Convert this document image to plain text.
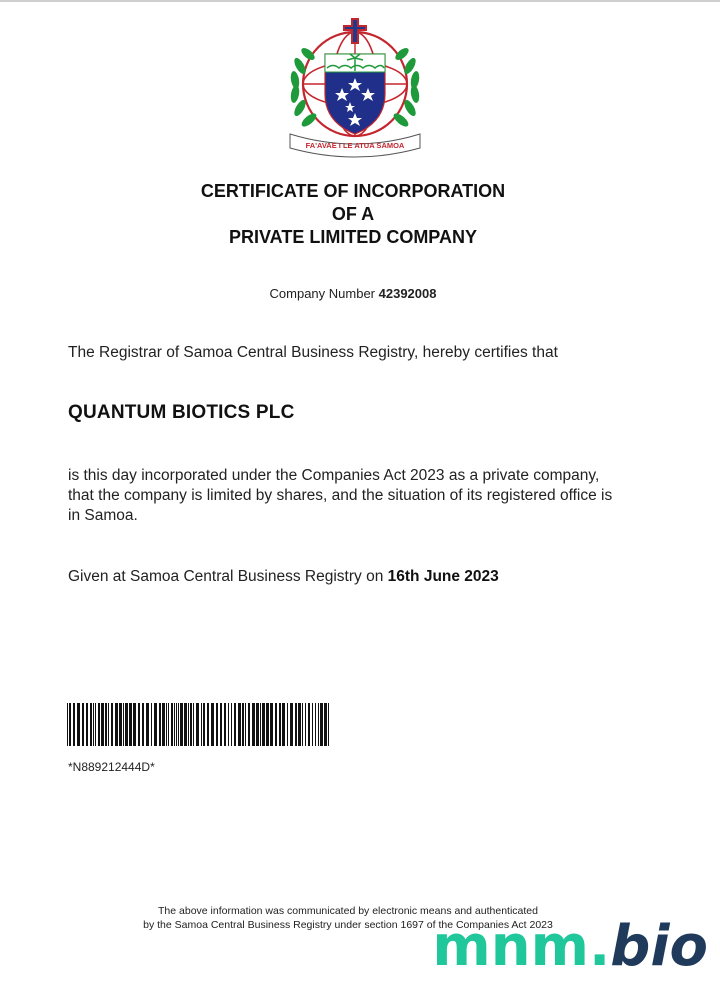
FA'AVAE I LE ATUA SAMOA
CERTIFICATE OF INCORPORATION
OF A
PRIVATE LIMITED COMPANY
Company Number 42392008
The Registrar of Samoa Central Business Registry, hereby certifies that
QUANTUM BIOTICS PLC
is this day incorporated under the Companies Act 2023 as a private company, that the company is limited by shares, and the situation of its registered office is in Samoa.
Given at Samoa Central Business Registry on 16th June 2023
*N889212444D*
The above information was communicated by electronic means and authenticated
by the Samoa Central Business Registry under section 1697 of the Companies Act 2023
mnm.bio
